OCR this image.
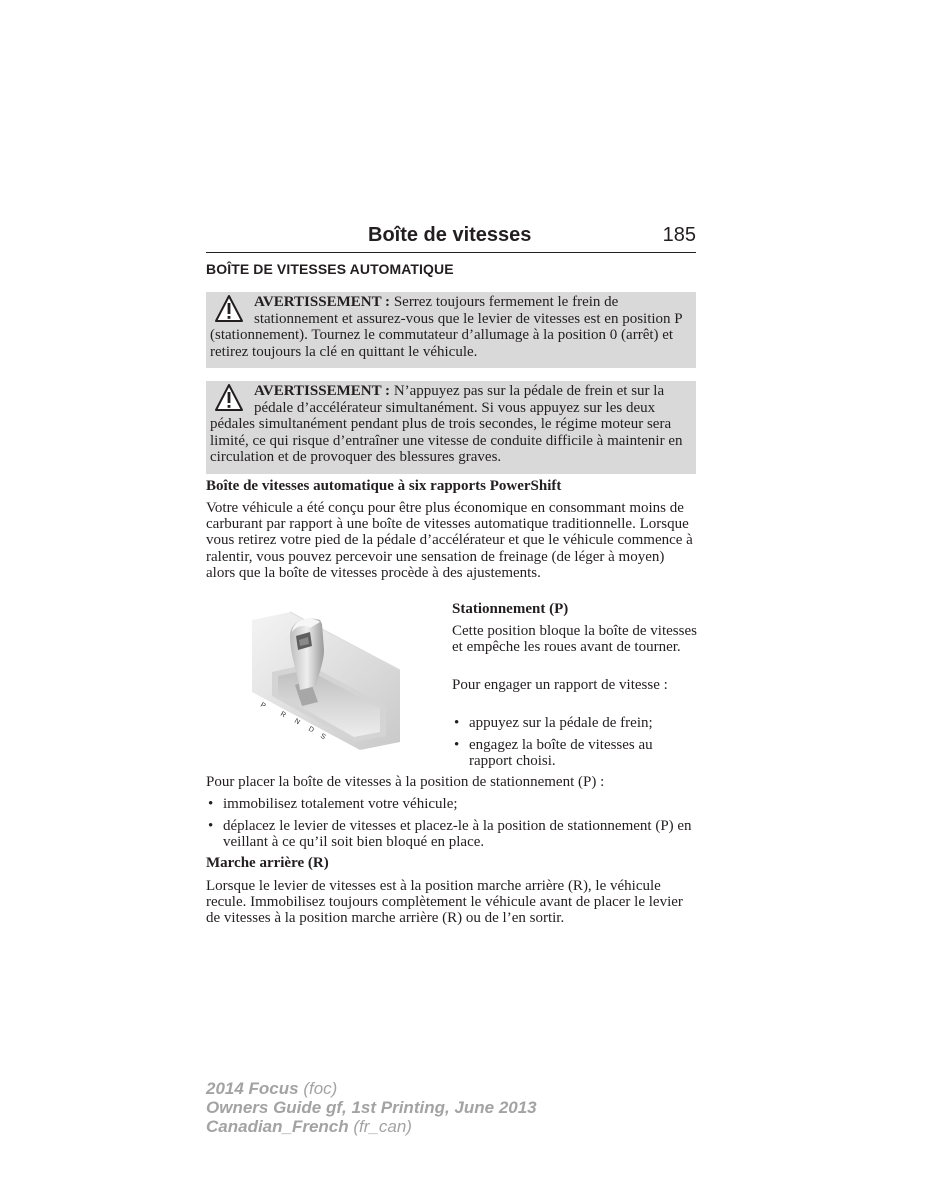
Boîte de vitesses	185
BOÎTE DE VITESSES AUTOMATIQUE
AVERTISSEMENT : Serrez toujours fermement le frein de stationnement et assurez-vous que le levier de vitesses est en position P (stationnement). Tournez le commutateur d’allumage à la position 0 (arrêt) et retirez toujours la clé en quittant le véhicule.
AVERTISSEMENT : N’appuyez pas sur la pédale de frein et sur la pédale d’accélérateur simultanément. Si vous appuyez sur les deux pédales simultanément pendant plus de trois secondes, le régime moteur sera limité, ce qui risque d’entraîner une vitesse de conduite difficile à maintenir en circulation et de provoquer des blessures graves.
Boîte de vitesses automatique à six rapports PowerShift
Votre véhicule a été conçu pour être plus économique en consommant moins de carburant par rapport à une boîte de vitesses automatique traditionnelle. Lorsque vous retirez votre pied de la pédale d’accélérateur et que le véhicule commence à ralentir, vous pouvez percevoir une sensation de freinage (de léger à moyen) alors que la boîte de vitesses procède à des ajustements.
P
R
N
D
S
Stationnement (P)
Cette position bloque la boîte de vitesses et empêche les roues avant de tourner.
Pour engager un rapport de vitesse :
• appuyez sur la pédale de frein;
• engagez la boîte de vitesses au rapport choisi.
Pour placer la boîte de vitesses à la position de stationnement (P) :
• immobilisez totalement votre véhicule;
• déplacez le levier de vitesses et placez-le à la position de stationnement (P) en veillant à ce qu’il soit bien bloqué en place.
Marche arrière (R)
Lorsque le levier de vitesses est à la position marche arrière (R), le véhicule recule. Immobilisez toujours complètement le véhicule avant de placer le levier de vitesses à la position marche arrière (R) ou de l’en sortir.
2014 Focus (foc)
Owners Guide gf, 1st Printing, June 2013
Canadian_French (fr_can)
